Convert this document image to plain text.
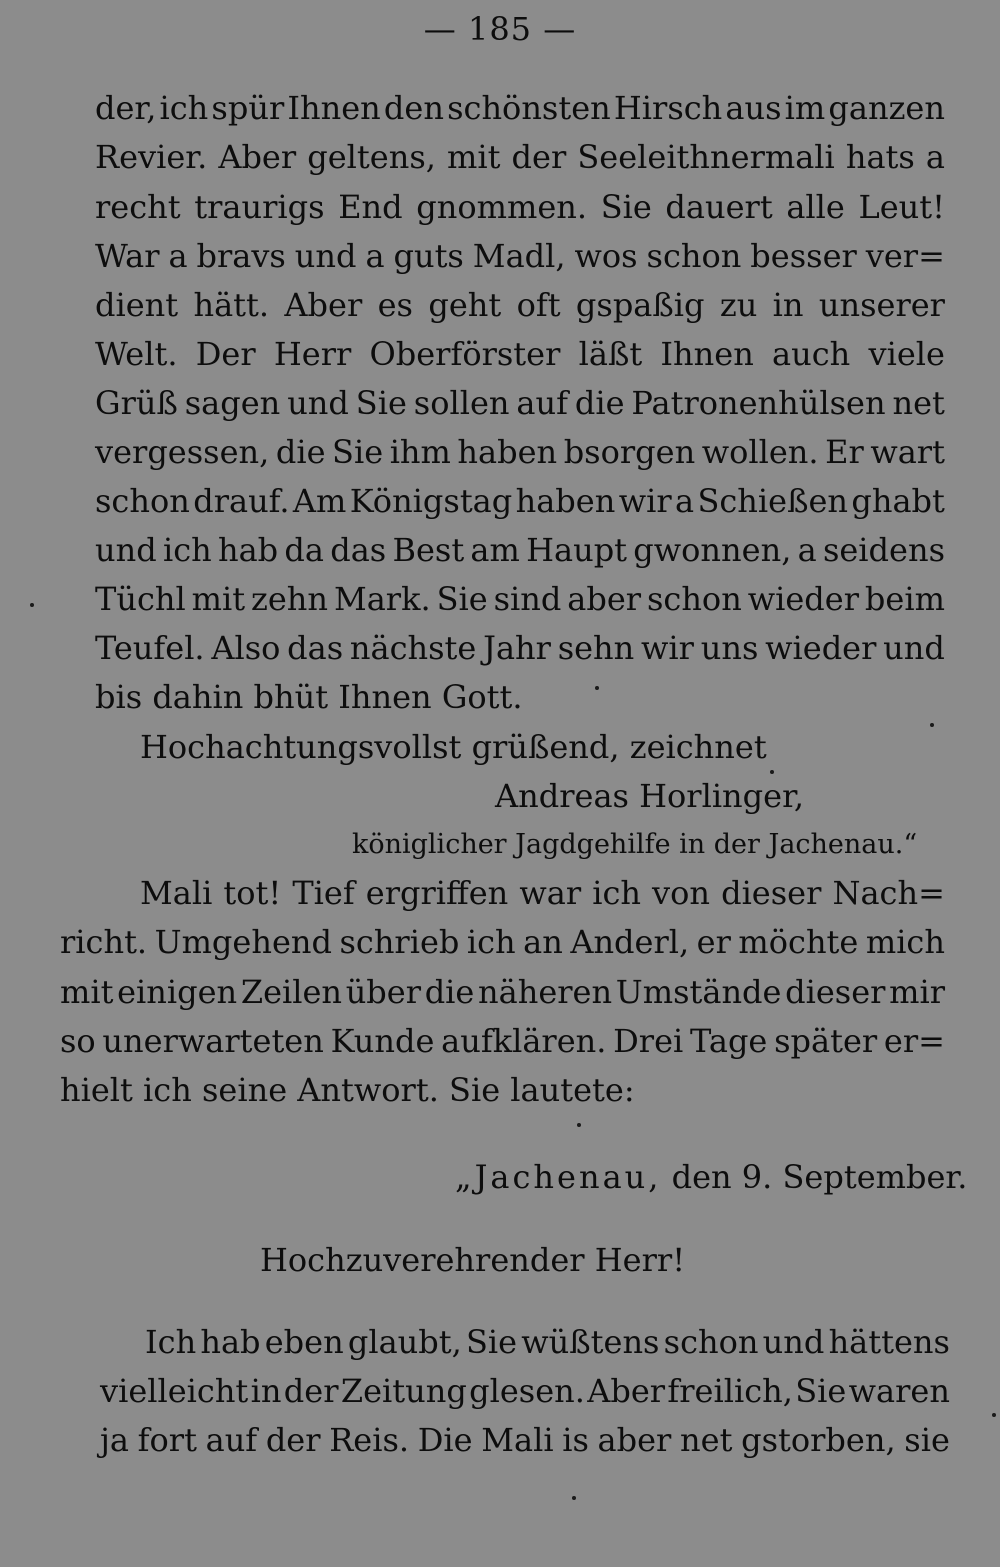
— 185 —
der, ich spür Ihnen den schönsten Hirsch aus im ganzen
Revier. Aber geltens, mit der Seeleithnermali hats a
recht traurigs End gnommen. Sie dauert alle Leut!
War a bravs und a guts Madl, wos schon besser ver=
dient hätt. Aber es geht oft gspaßig zu in unserer
Welt. Der Herr Oberförster läßt Ihnen auch viele
Grüß sagen und Sie sollen auf die Patronenhülsen net
vergessen, die Sie ihm haben bsorgen wollen. Er wart
schon drauf. Am Königstag haben wir a Schießen ghabt
und ich hab da das Best am Haupt gwonnen, a seidens
Tüchl mit zehn Mark. Sie sind aber schon wieder beim
Teufel. Also das nächste Jahr sehn wir uns wieder und
bis dahin bhüt Ihnen Gott.
Hochachtungsvollst grüßend, zeichnet
Andreas Horlinger,
königlicher Jagdgehilfe in der Jachenau.“
Mali tot! Tief ergriffen war ich von dieser Nach=
richt. Umgehend schrieb ich an Anderl, er möchte mich
mit einigen Zeilen über die näheren Umstände dieser mir
so unerwarteten Kunde aufklären. Drei Tage später er=
hielt ich seine Antwort. Sie lautete:
„Jachenau, den 9. September.
Hochzuverehrender Herr!
Ich hab eben glaubt, Sie wüßtens schon und hättens
vielleicht in der Zeitung glesen. Aber freilich, Sie waren
ja fort auf der Reis. Die Mali is aber net gstorben, sie
